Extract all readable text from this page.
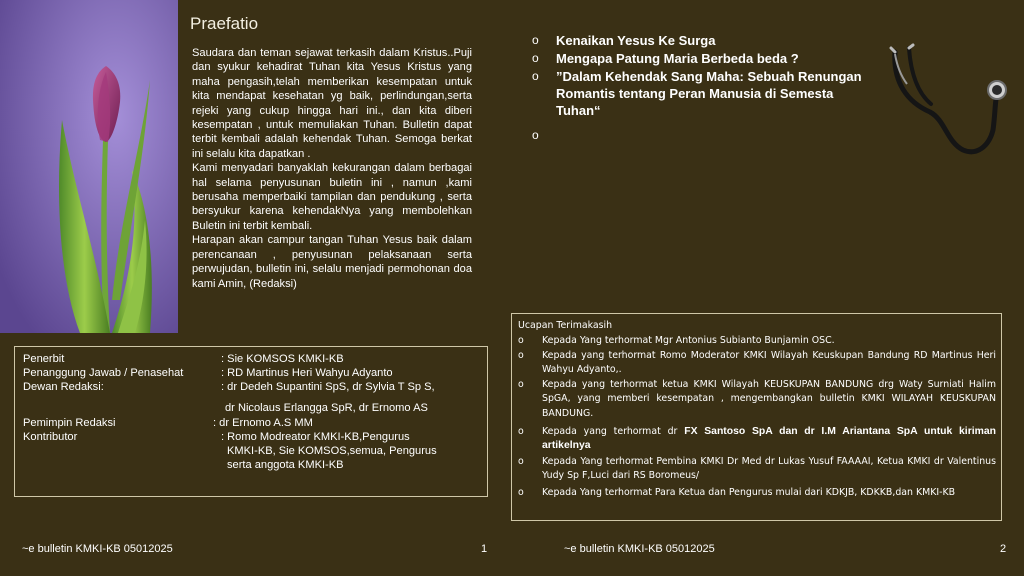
Praefatio

Saudara dan teman sejawat terkasih dalam Kristus..Puji dan syukur kehadirat Tuhan kita Yesus Kristus yang maha pengasih,telah memberikan kesempatan untuk kita mendapat kesehatan yg baik, perlindungan,serta rejeki yang cukup hingga hari ini., dan kita diberi kesempatan , untuk memuliakan Tuhan. Bulletin dapat terbit kembali adalah kehendak Tuhan. Semoga berkat ini selalu kita dapatkan .

Kami menyadari banyaklah kekurangan dalam berbagai hal selama penyusunan buletin ini , namun ,kami berusaha memperbaiki tampilan dan pendukung , serta bersyukur karena kehendakNya yang membolehkan Buletin ini terbit kembali.

Harapan akan campur tangan Tuhan Yesus baik dalam perencanaan , penyusunan pelaksanaan serta perwujudan, bulletin ini, selalu menjadi permohonan doa kami Amin, (Redaksi)

o	Kenaikan Yesus Ke Surga
o	Mengapa Patung Maria Berbeda beda ?
o	”Dalam Kehendak Sang Maha: Sebuah Renungan Romantis tentang Peran Manusia di Semesta Tuhan“
o
Penerbit	: Sie KOMSOS KMKI-KB
Penanggung Jawab / Penasehat	: RD Martinus Heri Wahyu Adyanto
Dewan Redaksi:	: dr Dedeh Supantini SpS, dr Sylvia T Sp S,
dr Nicolaus Erlangga SpR, dr Ernomo AS
Pemimpin Redaksi	: dr Ernomo A.S MM
Kontributor	: Romo Modreator KMKI-KB,Pengurus
KMKI-KB, Sie KOMSOS,semua, Pengurus
serta anggota KMKI-KB
Ucapan Terimakasih
o	Kepada Yang terhormat Mgr Antonius Subianto Bunjamin OSC.
o	Kepada yang terhormat Romo Moderator KMKI Wilayah Keuskupan Bandung RD Martinus Heri Wahyu Adyanto,.
o	Kepada yang terhormat ketua KMKI Wilayah KEUSKUPAN BANDUNG drg Waty Surniati Halim SpGA, yang memberi kesempatan , mengembangkan bulletin KMKI WILAYAH KEUSKUPAN BANDUNG.
o	Kepada yang terhormat dr FX Santoso SpA dan dr I.M Ariantana SpA untuk kiriman artikelnya
o	Kepada Yang terhormat Pembina KMKI Dr Med dr Lukas Yusuf FAAAAI, Ketua KMKI dr Valentinus Yudy Sp F,Luci dari RS Boromeus/
o	Kepada Yang terhormat Para Ketua dan Pengurus mulai dari KDKJB, KDKKB,dan KMKI-KB
~e bulletin KMKI-KB 05012025	1	~e bulletin KMKI-KB 05012025	2
